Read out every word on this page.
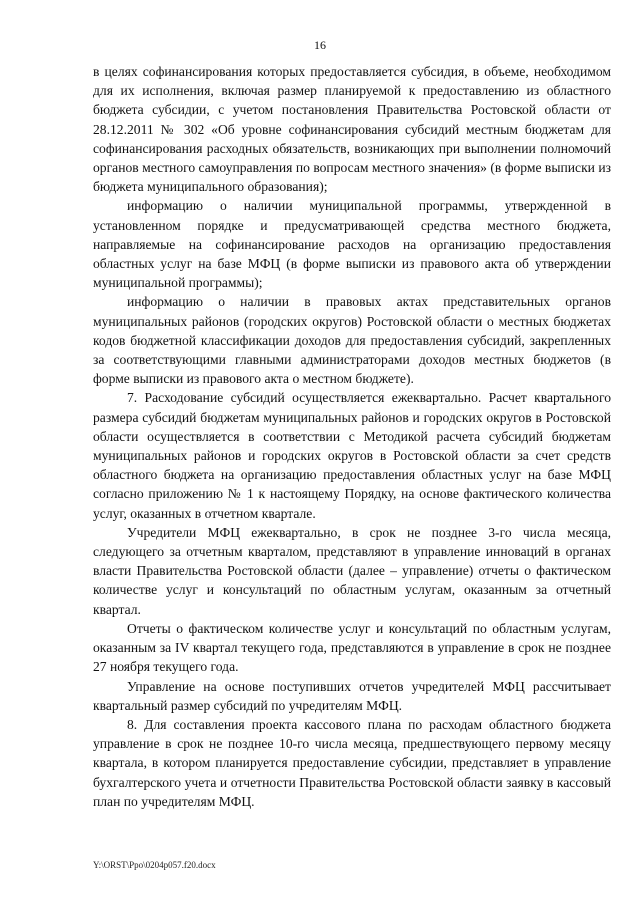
16

в целях софинансирования которых предоставляется субсидия, в объеме, необходимом для их исполнения, включая размер планируемой к предоставлению из областного бюджета субсидии, с учетом постановления Правительства Ростовской области от 28.12.2011 № 302 «Об уровне софинансирования субсидий местным бюджетам для софинансирования расходных обязательств, возникающих при выполнении полномочий органов местного самоуправления по вопросам местного значения» (в форме выписки из бюджета муниципального образования);

информацию о наличии муниципальной программы, утвержденной в установленном порядке и предусматривающей средства местного бюджета, направляемые на софинансирование расходов на организацию предоставления областных услуг на базе МФЦ (в форме выписки из правового акта об утверждении муниципальной программы);

информацию о наличии в правовых актах представительных органов муниципальных районов (городских округов) Ростовской области о местных бюджетах кодов бюджетной классификации доходов для предоставления субсидий, закрепленных за соответствующими главными администраторами доходов местных бюджетов (в форме выписки из правового акта о местном бюджете).

7. Расходование субсидий осуществляется ежеквартально. Расчет квартального размера субсидий бюджетам муниципальных районов и городских округов в Ростовской области осуществляется в соответствии с Методикой расчета субсидий бюджетам муниципальных районов и городских округов в Ростовской области за счет средств областного бюджета на организацию предоставления областных услуг на базе МФЦ согласно приложению № 1 к настоящему Порядку, на основе фактического количества услуг, оказанных в отчетном квартале.

Учредители МФЦ ежеквартально, в срок не позднее 3-го числа месяца, следующего за отчетным кварталом, представляют в управление инноваций в органах власти Правительства Ростовской области (далее – управление) отчеты о фактическом количестве услуг и консультаций по областным услугам, оказанным за отчетный квартал.

Отчеты о фактическом количестве услуг и консультаций по областным услугам, оказанным за IV квартал текущего года, представляются в управление в срок не позднее 27 ноября текущего года.

Управление на основе поступивших отчетов учредителей МФЦ рассчитывает квартальный размер субсидий по учредителям МФЦ.

8. Для составления проекта кассового плана по расходам областного бюджета управление в срок не позднее 10-го числа месяца, предшествующего первому месяцу квартала, в котором планируется предоставление субсидии, представляет в управление бухгалтерского учета и отчетности Правительства Ростовской области заявку в кассовый план по учредителям МФЦ.

Y:\ORST\Ppo\0204p057.f20.docx
